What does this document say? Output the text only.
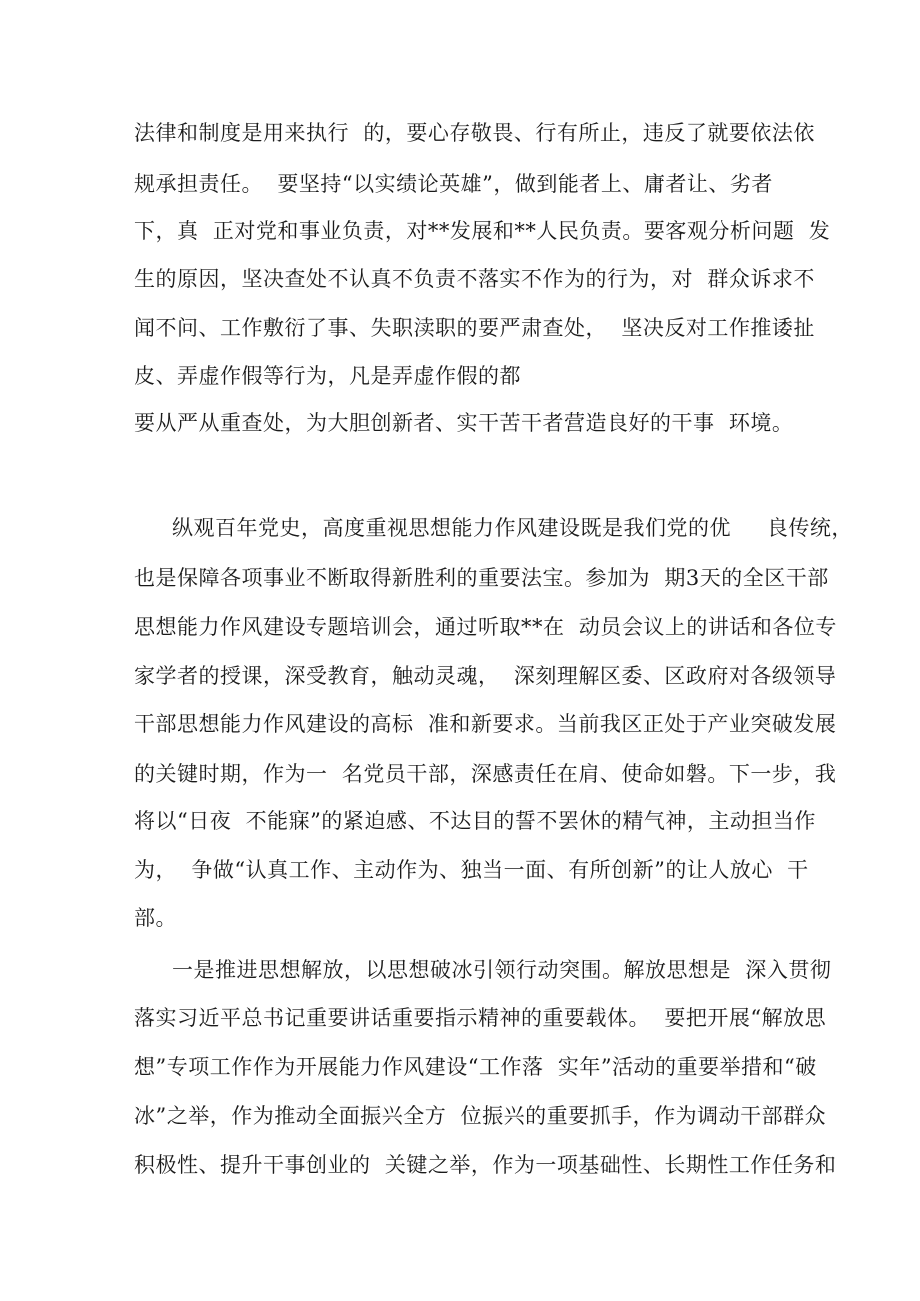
法律和制度是用来执行  的，要心存敬畏、行有所止，违反了就要依法依
规承担责任。  要坚持“以实绩论英雄”，做到能者上、庸者让、劣者
下，真  正对党和事业负责，对**发展和**人民负责。要客观分析问题  发
生的原因，坚决查处不认真不负责不落实不作为的行为，对  群众诉求不
闻不问、工作敷衍了事、失职渎职的要严肃查处，  坚决反对工作推诿扯
皮、弄虚作假等行为，凡是弄虚作假的都
要从严从重查处，为大胆创新者、实干苦干者营造良好的干事  环境。
纵观百年党史，高度重视思想能力作风建设既是我们党的优     良传统，
也是保障各项事业不断取得新胜利的重要法宝。参加为  期3天的全区干部
思想能力作风建设专题培训会，通过听取**在  动员会议上的讲话和各位专
家学者的授课，深受教育，触动灵魂，  深刻理解区委、区政府对各级领导
干部思想能力作风建设的高标  准和新要求。当前我区正处于产业突破发展
的关键时期，作为一  名党员干部，深感责任在肩、使命如磐。下一步，我
将以“日夜  不能寐”的紧迫感、不达目的誓不罢休的精气神，主动担当作
为，  争做“认真工作、主动作为、独当一面、有所创新”的让人放心  干
部。
一是推进思想解放，以思想破冰引领行动突围。解放思想是  深入贯彻
落实习近平总书记重要讲话重要指示精神的重要载体。  要把开展“解放思
想”专项工作作为开展能力作风建设“工作落  实年”活动的重要举措和“破
冰”之举，作为推动全面振兴全方  位振兴的重要抓手，作为调动干部群众
积极性、提升干事创业的  关键之举，作为一项基础性、长期性工作任务和
